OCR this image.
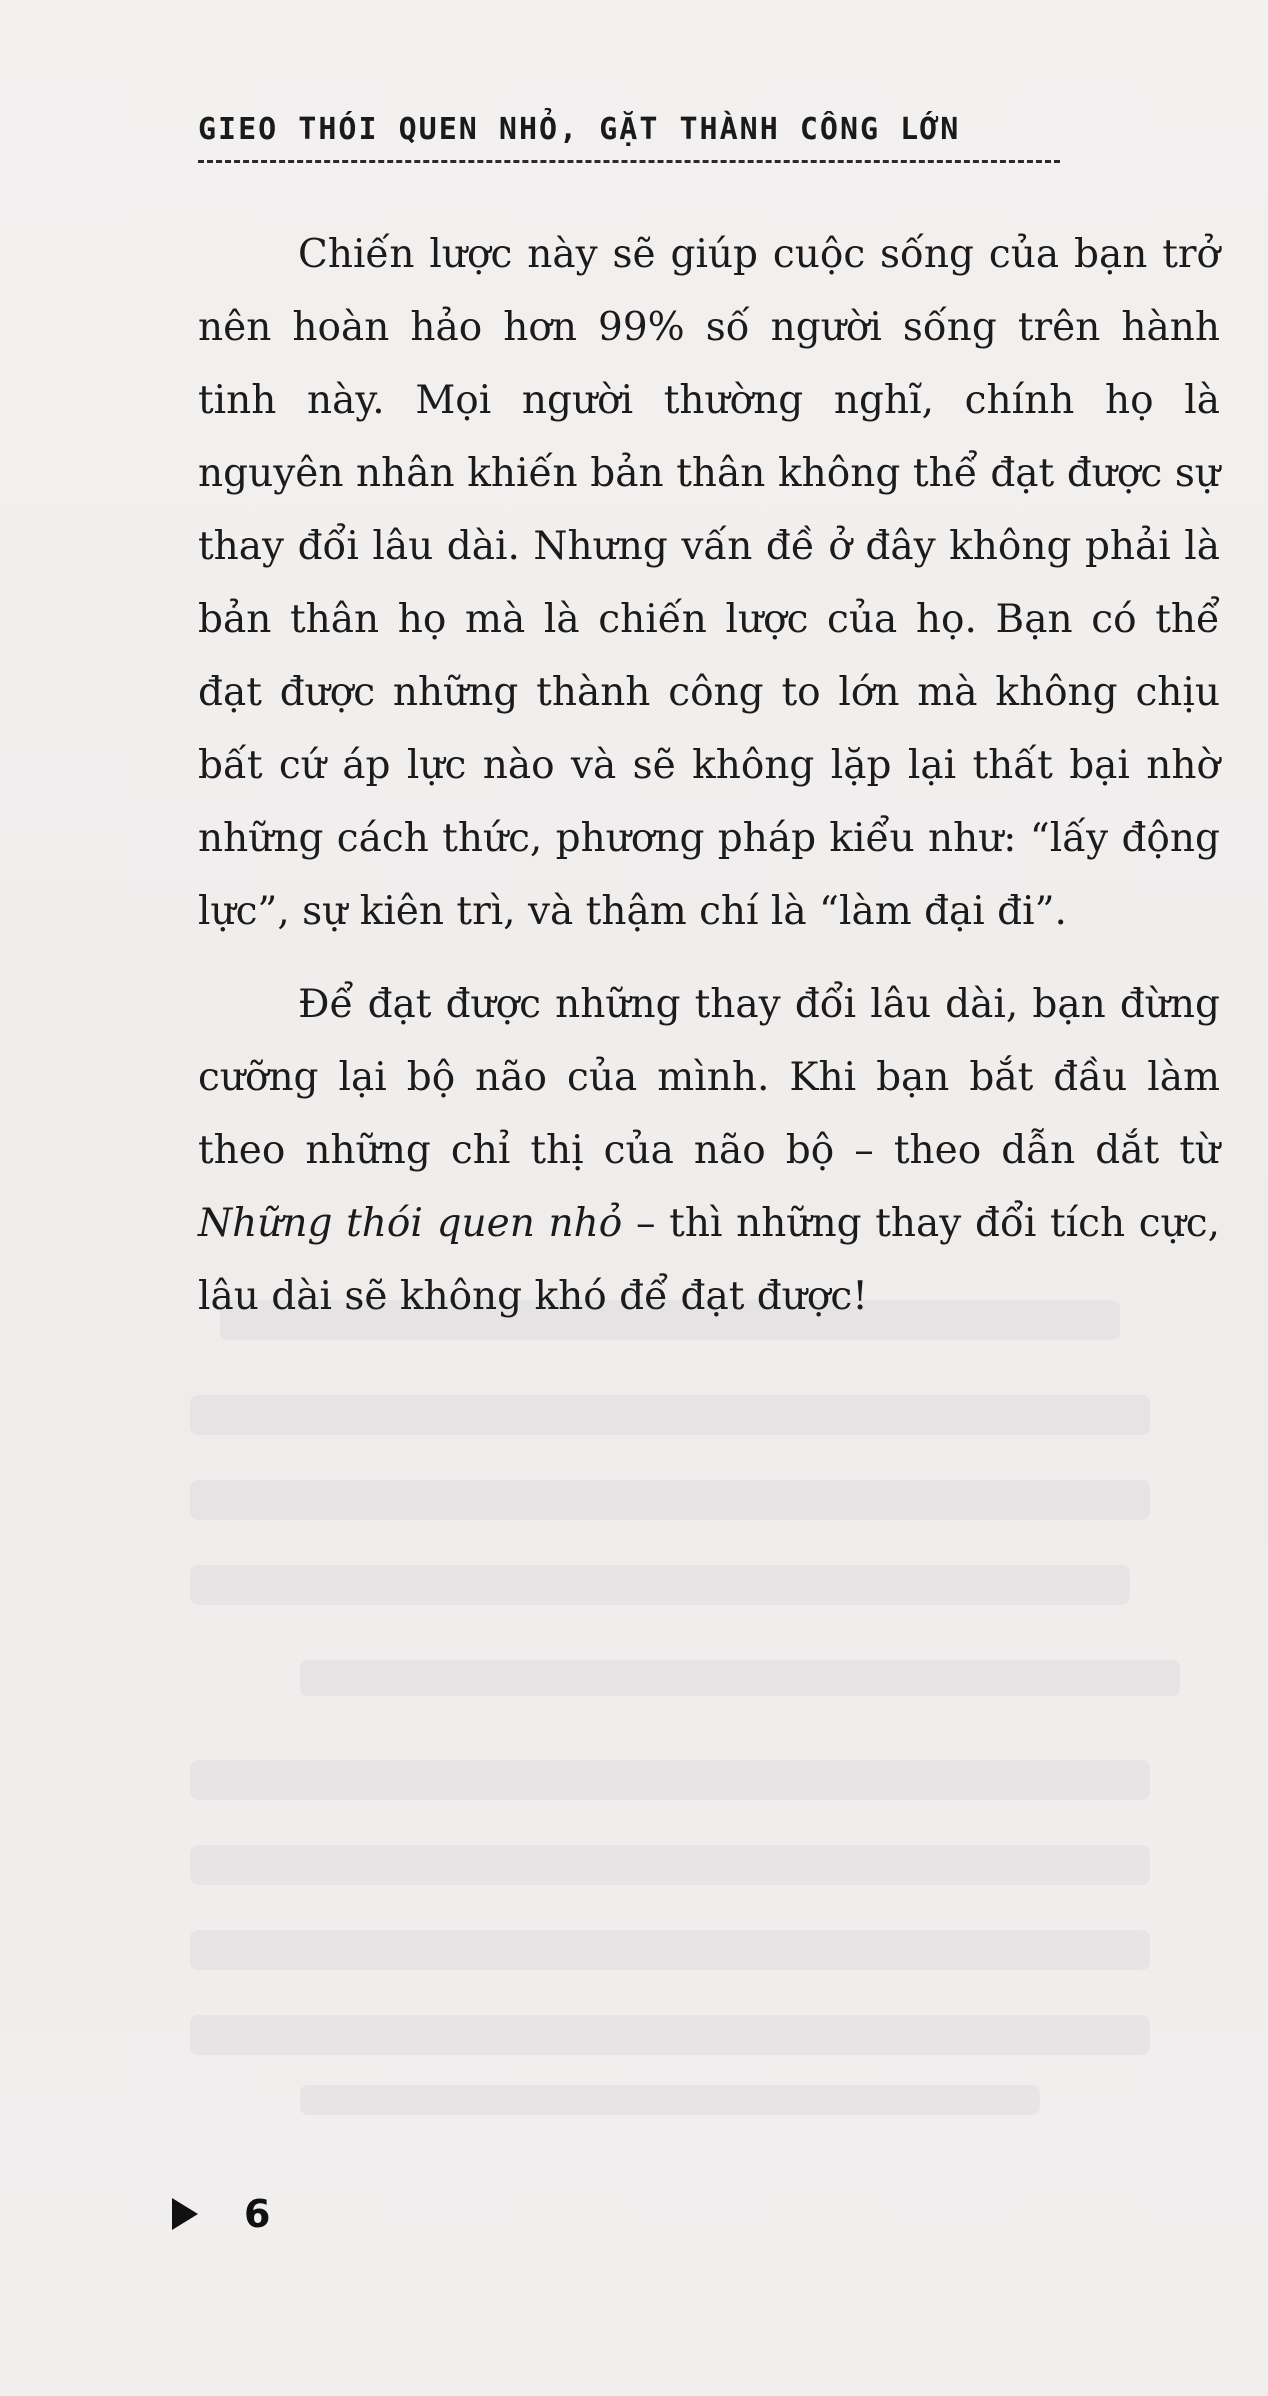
GIEO THÓI QUEN NHỎ, GẶT THÀNH CÔNG LỚN

Chiến lược này sẽ giúp cuộc sống của bạn trở nên hoàn hảo hơn 99% số người sống trên hành tinh này. Mọi người thường nghĩ, chính họ là nguyên nhân khiến bản thân không thể đạt được sự thay đổi lâu dài. Nhưng vấn đề ở đây không phải là bản thân họ mà là chiến lược của họ. Bạn có thể đạt được những thành công to lớn mà không chịu bất cứ áp lực nào và sẽ không lặp lại thất bại nhờ những cách thức, phương pháp kiểu như: “lấy động lực”, sự kiên trì, và thậm chí là “làm đại đi”.

Để đạt được những thay đổi lâu dài, bạn đừng cưỡng lại bộ não của mình. Khi bạn bắt đầu làm theo những chỉ thị của não bộ – theo dẫn dắt từ Những thói quen nhỏ – thì những thay đổi tích cực, lâu dài sẽ không khó để đạt được!

6
